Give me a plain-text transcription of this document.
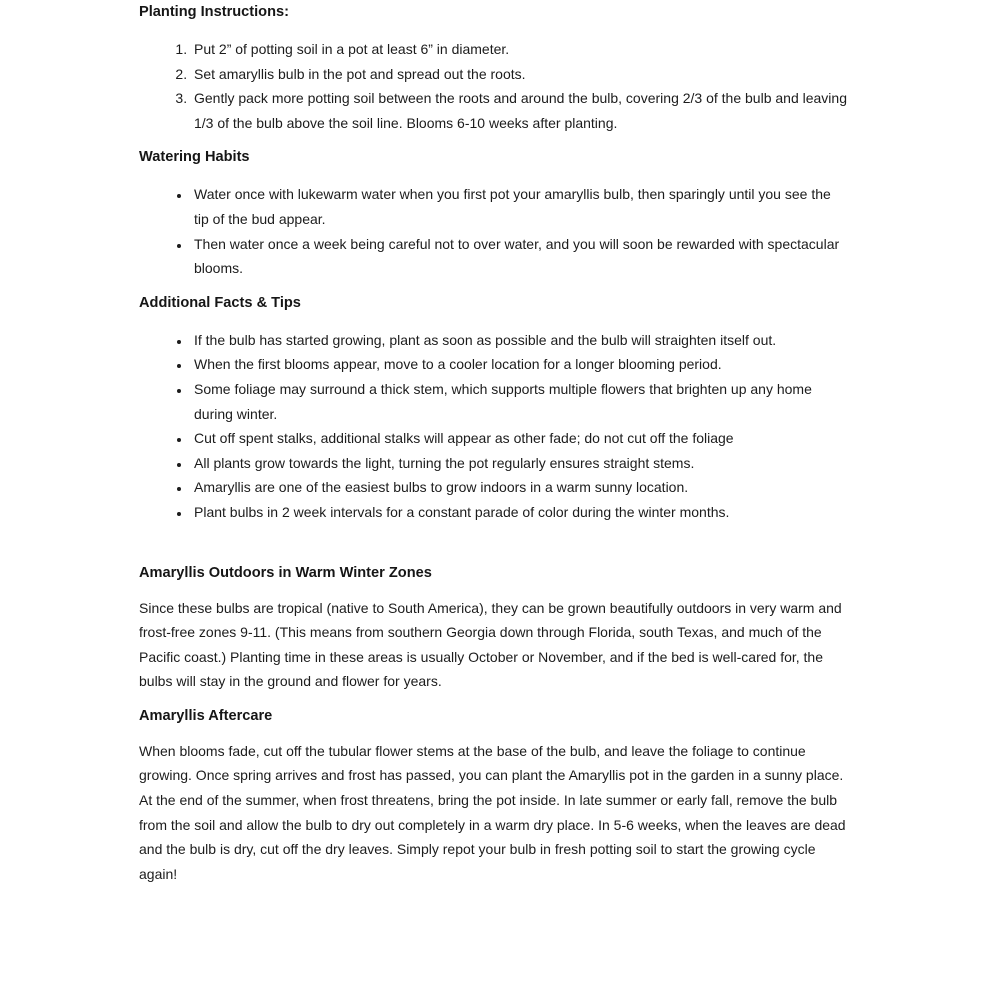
Planting Instructions:
1. Put 2” of potting soil in a pot at least 6” in diameter.
2. Set amaryllis bulb in the pot and spread out the roots.
3. Gently pack more potting soil between the roots and around the bulb, covering 2/3 of the bulb and leaving 1/3 of the bulb above the soil line. Blooms 6-10 weeks after planting.
Watering Habits
• Water once with lukewarm water when you first pot your amaryllis bulb, then sparingly until you see the tip of the bud appear.
• Then water once a week being careful not to over water, and you will soon be rewarded with spectacular blooms.
Additional Facts & Tips
• If the bulb has started growing, plant as soon as possible and the bulb will straighten itself out.
• When the first blooms appear, move to a cooler location for a longer blooming period.
• Some foliage may surround a thick stem, which supports multiple flowers that brighten up any home during winter.
• Cut off spent stalks, additional stalks will appear as other fade; do not cut off the foliage
• All plants grow towards the light, turning the pot regularly ensures straight stems.
• Amaryllis are one of the easiest bulbs to grow indoors in a warm sunny location.
• Plant bulbs in 2 week intervals for a constant parade of color during the winter months.
Amaryllis Outdoors in Warm Winter Zones

Since these bulbs are tropical (native to South America), they can be grown beautifully outdoors in very warm and frost-free zones 9-11. (This means from southern Georgia down through Florida, south Texas, and much of the Pacific coast.) Planting time in these areas is usually October or November, and if the bed is well-cared for, the bulbs will stay in the ground and flower for years.

Amaryllis Aftercare

When blooms fade, cut off the tubular flower stems at the base of the bulb, and leave the foliage to continue growing. Once spring arrives and frost has passed, you can plant the Amaryllis pot in the garden in a sunny place. At the end of the summer, when frost threatens, bring the pot inside. In late summer or early fall, remove the bulb from the soil and allow the bulb to dry out completely in a warm dry place. In 5-6 weeks, when the leaves are dead and the bulb is dry, cut off the dry leaves. Simply repot your bulb in fresh potting soil to start the growing cycle again!
